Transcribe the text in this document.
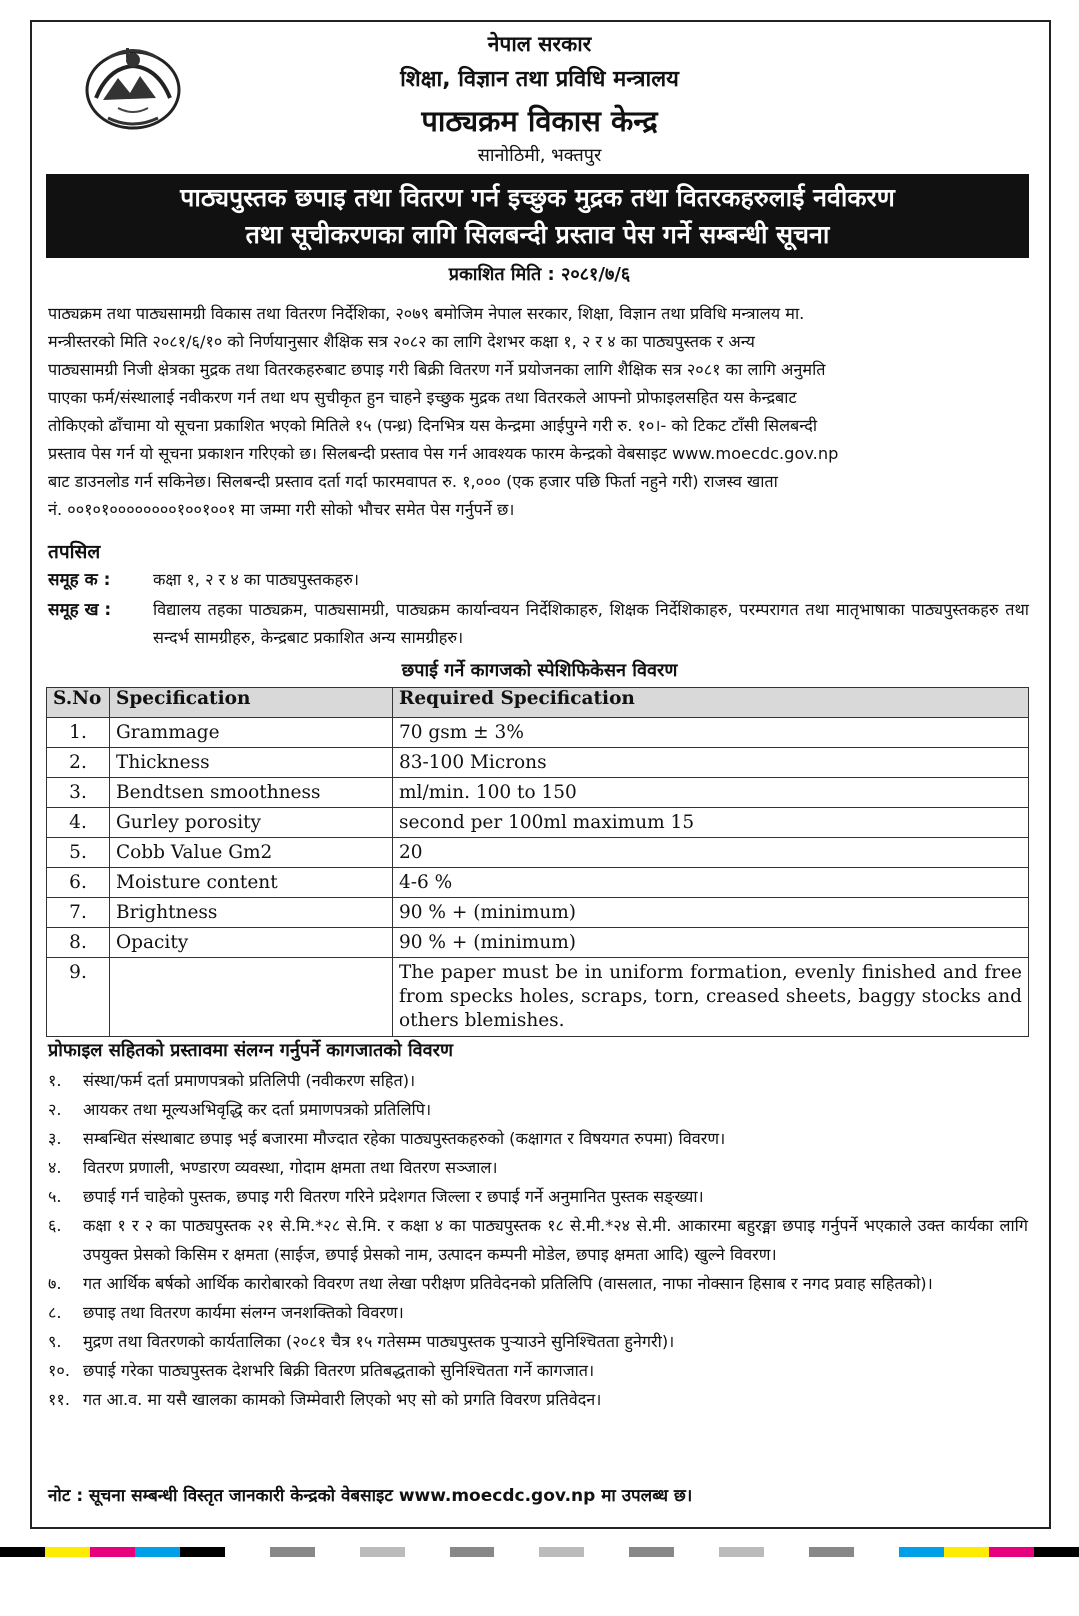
नेपाल सरकार
शिक्षा, विज्ञान तथा प्रविधि मन्त्रालय
पाठ्यक्रम विकास केन्द्र
सानोठिमी, भक्तपुर
पाठ्यपुस्तक छपाइ तथा वितरण गर्न इच्छुक मुद्रक तथा वितरकहरुलाई नवीकरण
तथा सूचीकरणका लागि सिलबन्दी प्रस्ताव पेस गर्ने सम्बन्धी सूचना
प्रकाशित मिति : २०८१/७/६
पाठ्यक्रम तथा पाठ्यसामग्री विकास तथा वितरण निर्देशिका, २०७९ बमोजिम नेपाल सरकार, शिक्षा, विज्ञान तथा प्रविधि मन्त्रालय मा.
मन्त्रीस्तरको मिति २०८१/६/१० को निर्णयानुसार शैक्षिक सत्र २०८२ का लागि देशभर कक्षा १, २ र ४ का पाठ्यपुस्तक र अन्य
पाठ्यसामग्री निजी क्षेत्रका मुद्रक तथा वितरकहरुबाट छपाइ गरी बिक्री वितरण गर्ने प्रयोजनका लागि शैक्षिक सत्र २०८१ का लागि अनुमति
पाएका फर्म/संस्थालाई नवीकरण गर्न तथा थप सुचीकृत हुन चाहने इच्छुक मुद्रक तथा वितरकले आफ्नो प्रोफाइलसहित यस केन्द्रबाट
तोकिएको ढाँचामा यो सूचना प्रकाशित भएको मितिले १५ (पन्ध्र) दिनभित्र यस केन्द्रमा आईपुग्ने गरी रु. १०।- को टिकट टाँसी सिलबन्दी
प्रस्ताव पेस गर्न यो सूचना प्रकाशन गरिएको छ। सिलबन्दी प्रस्ताव पेस गर्न आवश्यक फारम केन्द्रको वेबसाइट www.moecdc.gov.np
बाट डाउनलोड गर्न सकिनेछ। सिलबन्दी प्रस्ताव दर्ता गर्दा फारमवापत रु. १,००० (एक हजार पछि फिर्ता नहुने गरी) राजस्व खाता
नं. ००१०१००००००००१००१००१ मा जम्मा गरी सोको भौचर समेत पेस गर्नुपर्ने छ।
तपसिल
समूह क :	कक्षा १, २ र ४ का पाठ्यपुस्तकहरु।
समूह ख :	विद्यालय तहका पाठ्यक्रम, पाठ्यसामग्री, पाठ्यक्रम कार्यान्वयन निर्देशिकाहरु, शिक्षक निर्देशिकाहरु, परम्परागत तथा मातृभाषाका पाठ्यपुस्तकहरु तथा सन्दर्भ सामग्रीहरु, केन्द्रबाट प्रकाशित अन्य सामग्रीहरु।
छपाई गर्ने कागजको स्पेशिफिकेसन विवरण
S.No	Specification	Required Specification
1.	Grammage	70 gsm ± 3%
2.	Thickness	83-100 Microns
3.	Bendtsen smoothness	ml/min. 100 to 150
4.	Gurley porosity	second per 100ml maximum 15
5.	Cobb Value Gm2	20
6.	Moisture content	4-6 %
7.	Brightness	90 % + (minimum)
8.	Opacity	90 % + (minimum)
9.		The paper must be in uniform formation, evenly finished and free from specks holes, scraps, torn, creased sheets, baggy stocks and others blemishes.
प्रोफाइल सहितको प्रस्तावमा संलग्न गर्नुपर्ने कागजातको विवरण
१.	संस्था/फर्म दर्ता प्रमाणपत्रको प्रतिलिपी (नवीकरण सहित)।
२.	आयकर तथा मूल्यअभिवृद्धि कर दर्ता प्रमाणपत्रको प्रतिलिपि।
३.	सम्बन्धित संस्थाबाट छपाइ भई बजारमा मौज्दात रहेका पाठ्यपुस्तकहरुको (कक्षागत र विषयगत रुपमा) विवरण।
४.	वितरण प्रणाली, भण्डारण व्यवस्था, गोदाम क्षमता तथा वितरण सञ्जाल।
५.	छपाई गर्न चाहेको पुस्तक, छपाइ गरी वितरण गरिने प्रदेशगत जिल्ला र छपाई गर्ने अनुमानित पुस्तक सङ्ख्या।
६.	कक्षा १ र २ का पाठ्यपुस्तक २१ से.मि.*२८ से.मि. र कक्षा ४ का पाठ्यपुस्तक १८ से.मी.*२४ से.मी. आकारमा बहुरङ्मा छपाइ गर्नुपर्ने भएकाले उक्त कार्यका लागि उपयुक्त प्रेसको किसिम र क्षमता (साईज, छपाई प्रेसको नाम, उत्पादन कम्पनी मोडेल, छपाइ क्षमता आदि) खुल्ने विवरण।
७.	गत आर्थिक बर्षको आर्थिक कारोबारको विवरण तथा लेखा परीक्षण प्रतिवेदनको प्रतिलिपि (वासलात, नाफा नोक्सान हिसाब र नगद प्रवाह सहितको)।
८.	छपाइ तथा वितरण कार्यमा संलग्न जनशक्तिको विवरण।
९.	मुद्रण तथा वितरणको कार्यतालिका (२०८१ चैत्र १५ गतेसम्म पाठ्यपुस्तक पुऱ्याउने सुनिश्चितता हुनेगरी)।
१०. छपाई गरेका पाठ्यपुस्तक देशभरि बिक्री वितरण प्रतिबद्धताको सुनिश्चितता गर्ने कागजात।
११. गत आ.व. मा यसै खालका कामको जिम्मेवारी लिएको भए सो को प्रगति विवरण प्रतिवेदन।
नोट : सूचना सम्बन्धी विस्तृत जानकारी केन्द्रको वेबसाइट www.moecdc.gov.np मा उपलब्ध छ।
